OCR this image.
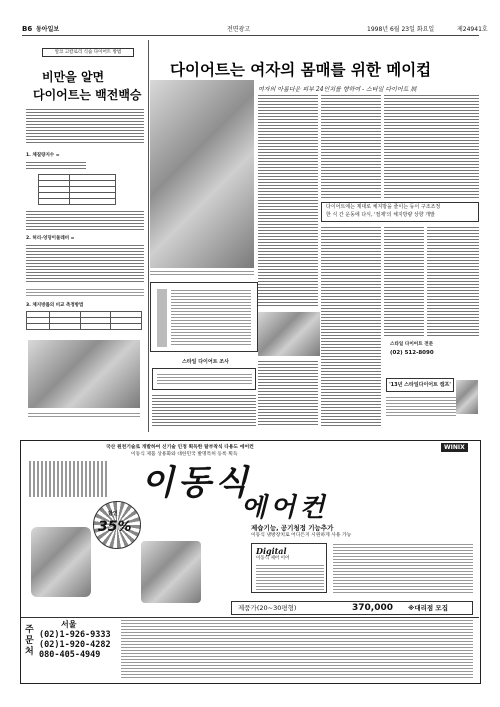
B6 동아일보	전면광고	1998년 6월 23일 화요일	제24941호
알코 고칼로리 식습 다이어트 방법
비만을 알면
다이어트는 백전백승
1. 체질량지수 =

2. 허리-엉덩이둘레비 =
3. 체지방률의 비교 측정방법

다이어트는 여자의 몸매를 위한 메이컵
여자의 아름다운 피부 24인치를 향하여 - 스타일 다이어트 展
다이어트에는 제대로 체지방을 줄이는 등이 구조조정
한 식 간 운동에 다식, '절제'의 체지방량 상향 개발
스타일 다이어트 조사
스타일 다이어트 전문
(02) 512-8090
'13년 스타일다이어트 캠프'
WINIX
국산 원천기술로 개발하여 신기술 인정 획득한 탈부착식 다용도 에어컨
이동식 제품 상용화와 대한민국 발명특허 등록 획득
이동식
에어컨
제습기능, 공기청정 기능추가
이동식 냉방장치로 어디든지 시원하게 사용 가능
할인
35%
Digital
이동식 제어 이어
제품가(20~30평형)	370,000 ※대리점 모집
주문처
서울
(02)1-926-9333
(02)1-920-4282
080-405-4949
